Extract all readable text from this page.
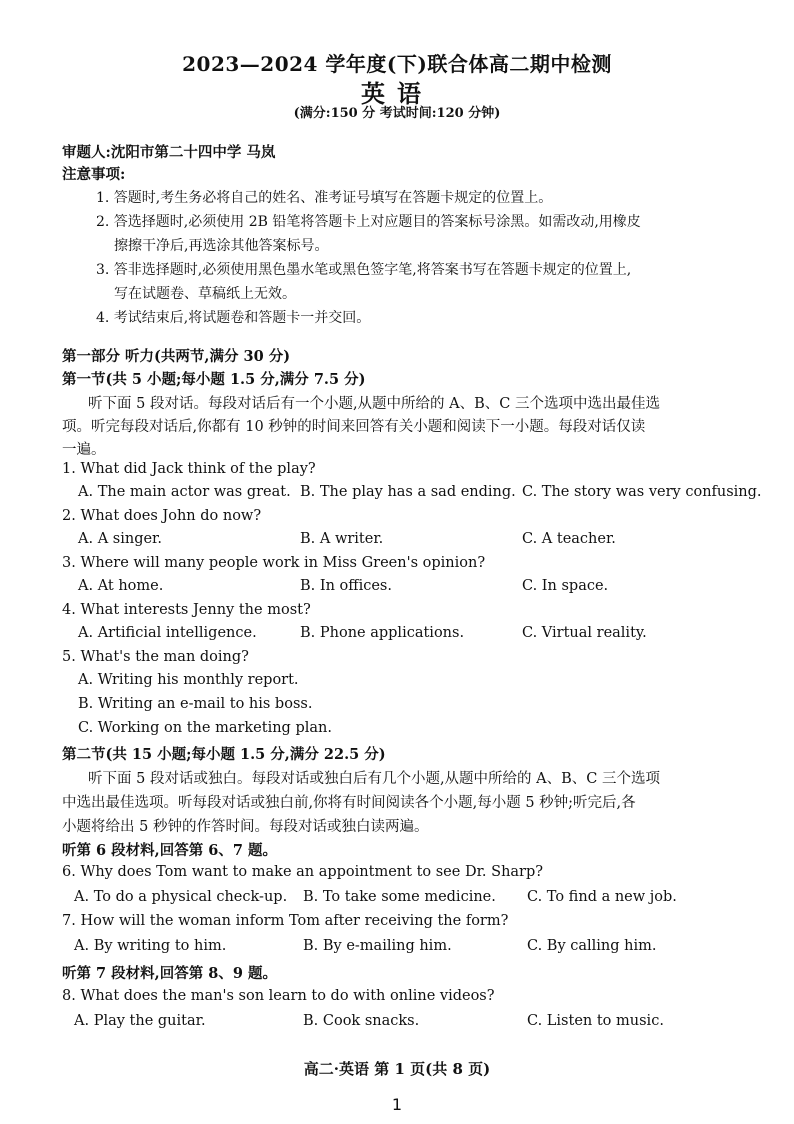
2023—2024 学年度(下)联合体高二期中检测
英语
(满分:150 分 考试时间:120 分钟)
审题人:沈阳市第二十四中学 马岚
注意事项:
1. 答题时,考生务必将自己的姓名、准考证号填写在答题卡规定的位置上。
2. 答选择题时,必须使用 2B 铅笔将答题卡上对应题目的答案标号涂黑。如需改动,用橡皮
擦擦干净后,再选涂其他答案标号。
3. 答非选择题时,必须使用黑色墨水笔或黑色签字笔,将答案书写在答题卡规定的位置上,
写在试题卷、草稿纸上无效。
4. 考试结束后,将试题卷和答题卡一并交回。
第一部分 听力(共两节,满分 30 分)
第一节(共 5 小题;每小题 1.5 分,满分 7.5 分)
听下面 5 段对话。每段对话后有一个小题,从题中所给的 A、B、C 三个选项中选出最佳选
项。听完每段对话后,你都有 10 秒钟的时间来回答有关小题和阅读下一小题。每段对话仅读
一遍。
1. What did Jack think of the play?
A. The main actor was great. B. The play has a sad ending. C. The story was very confusing.
2. What does John do now?
A. A singer.	B. A writer.	C. A teacher.
3. Where will many people work in Miss Green's opinion?
A. At home.	B. In offices.	C. In space.
4. What interests Jenny the most?
A. Artificial intelligence.	B. Phone applications.	C. Virtual reality.
5. What's the man doing?
A. Writing his monthly report.
B. Writing an e-mail to his boss.
C. Working on the marketing plan.
第二节(共 15 小题;每小题 1.5 分,满分 22.5 分)
听下面 5 段对话或独白。每段对话或独白后有几个小题,从题中所给的 A、B、C 三个选项
中选出最佳选项。听每段对话或独白前,你将有时间阅读各个小题,每小题 5 秒钟;听完后,各
小题将给出 5 秒钟的作答时间。每段对话或独白读两遍。
听第 6 段材料,回答第 6、7 题。
6. Why does Tom want to make an appointment to see Dr. Sharp?
A. To do a physical check-up. B. To take some medicine. C. To find a new job.
7. How will the woman inform Tom after receiving the form?
A. By writing to him.	B. By e-mailing him.	C. By calling him.
听第 7 段材料,回答第 8、9 题。
8. What does the man's son learn to do with online videos?
A. Play the guitar.	B. Cook snacks.	C. Listen to music.
高二·英语 第 1 页(共 8 页)
1
